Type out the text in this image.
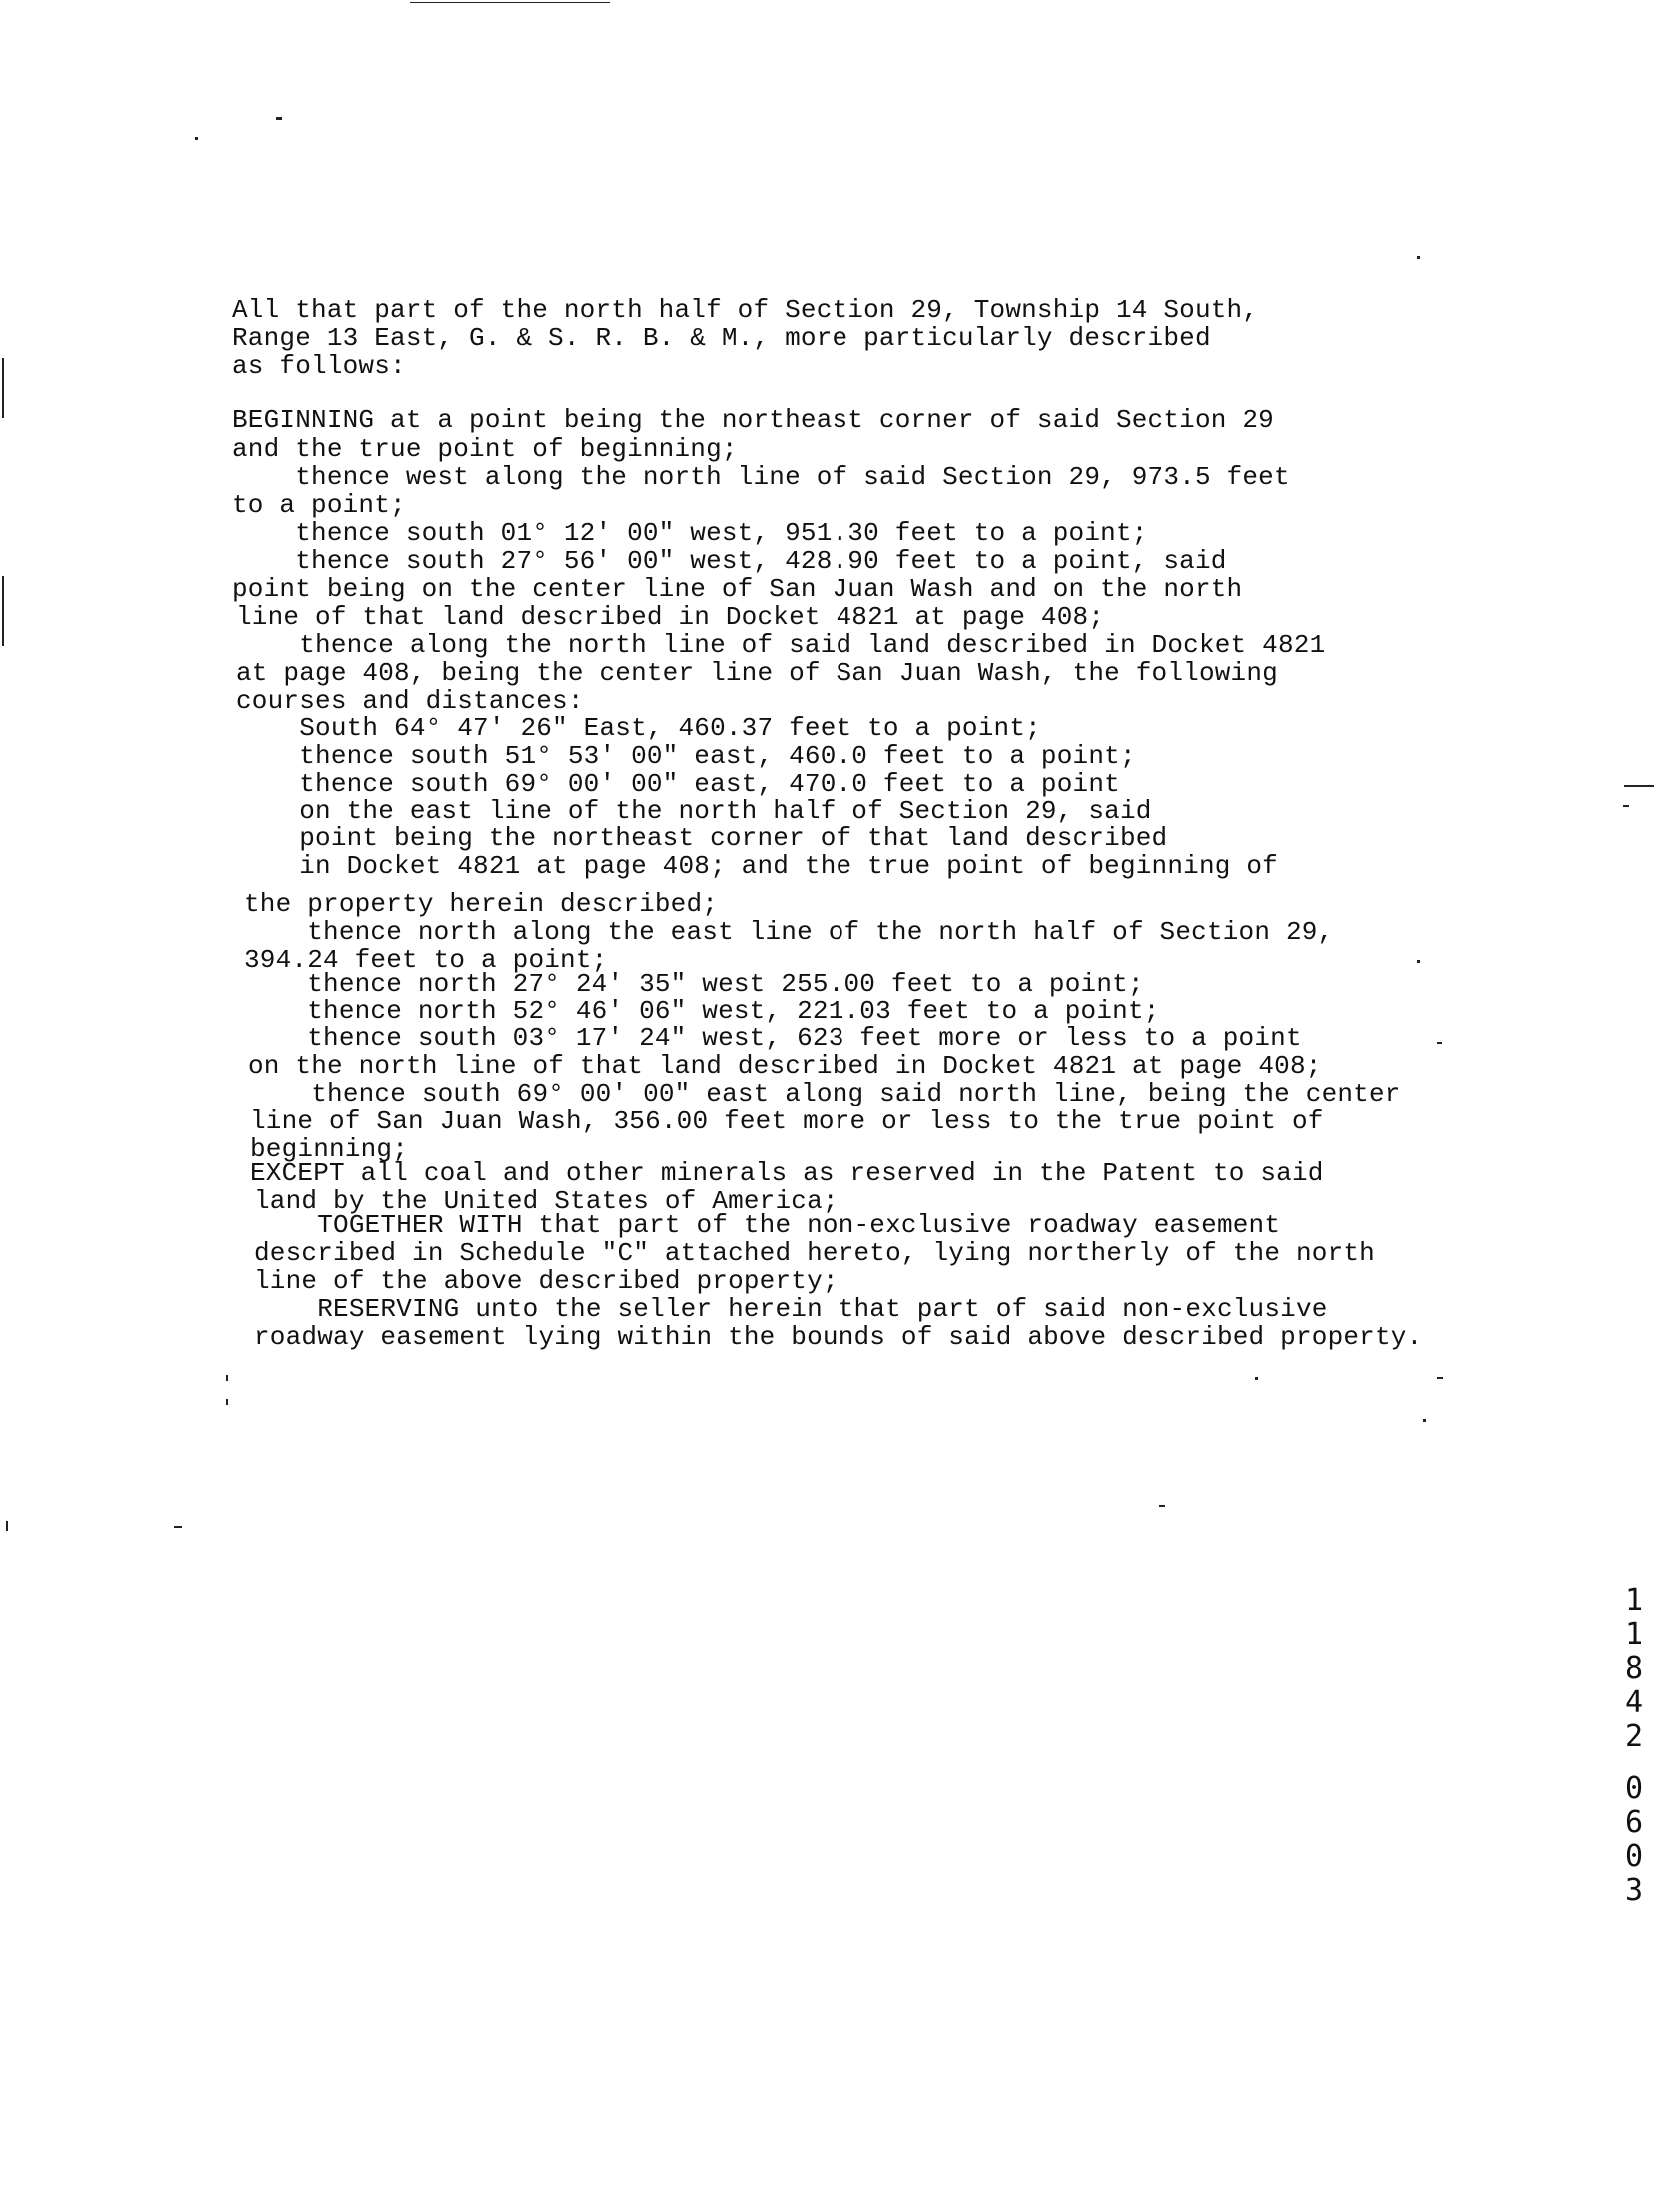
All that part of the north half of Section 29, Township 14 South,
Range 13 East, G. & S. R. B. & M., more particularly described
as follows:
BEGINNING at a point being the northeast corner of said Section 29
and the true point of beginning;
thence west along the north line of said Section 29, 973.5 feet
to a point;
thence south 01° 12' 00" west, 951.30 feet to a point;
thence south 27° 56' 00" west, 428.90 feet to a point, said
point being on the center line of San Juan Wash and on the north
line of that land described in Docket 4821 at page 408;
thence along the north line of said land described in Docket 4821
at page 408, being the center line of San Juan Wash, the following
courses and distances:
South 64° 47' 26" East, 460.37 feet to a point;
thence south 51° 53' 00" east, 460.0 feet to a point;
thence south 69° 00' 00" east, 470.0 feet to a point
on the east line of the north half of Section 29, said
point being the northeast corner of that land described
in Docket 4821 at page 408; and the true point of beginning of
the property herein described;
thence north along the east line of the north half of Section 29,
394.24 feet to a point;
thence north 27° 24' 35" west 255.00 feet to a point;
thence north 52° 46' 06" west, 221.03 feet to a point;
thence south 03° 17' 24" west, 623 feet more or less to a point
on the north line of that land described in Docket 4821 at page 408;
thence south 69° 00' 00" east along said north line, being the center
line of San Juan Wash, 356.00 feet more or less to the true point of
beginning;
EXCEPT all coal and other minerals as reserved in the Patent to said
land by the United States of America;
TOGETHER WITH that part of the non-exclusive roadway easement
described in Schedule "C" attached hereto, lying northerly of the north
line of the above described property;
RESERVING unto the seller herein that part of said non-exclusive
roadway easement lying within the bounds of said above described property.
1
1
8
4
2
0
6
0
3
